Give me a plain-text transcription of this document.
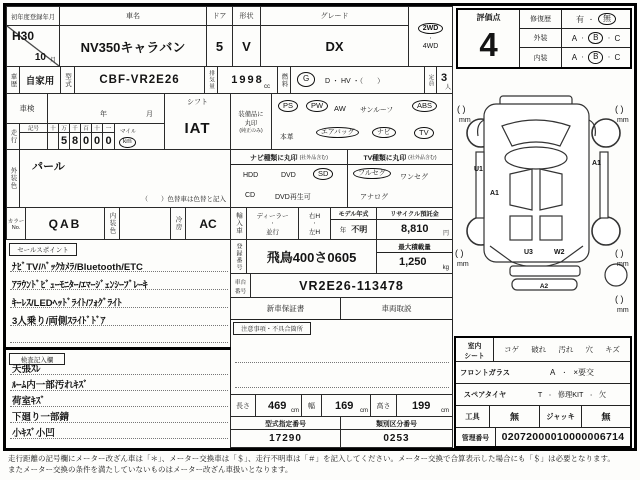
初年度登録年月
H30
10 月
車名
NV350キャラバン
ドア
5
形状
V
グレード
DX
2WD
・
4WD
評価点
4
修復歴	有 ・	無
外装	A ・	B	・ C
内装	A ・	B	・ C
車歴 自家用	型式	CBF-VR2E26	排気量	1998
cc	燃料	G	D ・ HV ・（　　）	定員 3
人
車検
年	月
走行	記号	十 万 千 百 十	一
5 8 0 0 0
マイル
km
シフト
IAT
装備品に
丸印
(純正のみ)
PS	PW	AW サンルーフ
ABS
本革
エアバッグ	ナビ	TV
外装色
パール
（　　）色替車は色替と記入
ナビ種類に丸印 (社外品含む)
HDD	DVD	SD
CD	DVD再生可
TV種類に丸印 (社外品含む)
フルセグ
ワンセグ
アナログ
カラー
No.	QAB	内装色	冷房	AC	輸入車	ディーラー
・
並行
右H
・
左H
モデル年式
年 不明
リサイクル預託金
8,810 円
登録番号	飛鳥400さ0605
最大積載量
1,250	kg
車台
番号	VR2E26-113478
新車保証書	車両取説
注意事項・不具合箇所
セールスポイント
ﾅﾋﾞTV/ﾊﾞｯｸｶﾒﾗ/Bluetooth/ETC
ｱﾗｳﾝﾄﾞﾋﾞｭｰﾓﾆﾀｰ/ｴﾏｰｼﾞｪﾝｼｰﾌﾞﾚｰｷ
ｷｰﾚｽ/LEDﾍｯﾄﾞﾗｲﾄ/ﾌｫｸﾞﾗｲﾄ
3人乗り/両側ｽﾗｲﾄﾞﾄﾞｱ
検査記入欄
天張ｽﾚ
ﾙｰﾑ内一部汚れｷｽﾞ
荷室ｷｽﾞ
下廻り一部錆
小ｷｽﾞ小凹
長さ	469 cm
幅	169 cm
高さ	199 cm
型式指定番号	類別区分番号
17290	0253
U1
A1
A1
U3	W2
A2
( )	( )
( )	( )
( )
mm	mm
mm	mm
mm
室内
シート
コゲ 破れ 汚れ 穴 キズ
フロントガラス	A ・ ×要交
スペアタイヤ	T ・ 修理KIT ・ 欠
工具	無	ジャッキ	無
管理番号	02072000010000006714
走行距離の記号欄にメーター改ざん車は「＊」、メーター交換車は「＄」、走行不明車は「＃」を記入してください。メーター交換で合算表示した場合にも「＄」は必要となります。
またメーター交換の条件を満たしていないものはメーター改ざん車扱いとなります。
